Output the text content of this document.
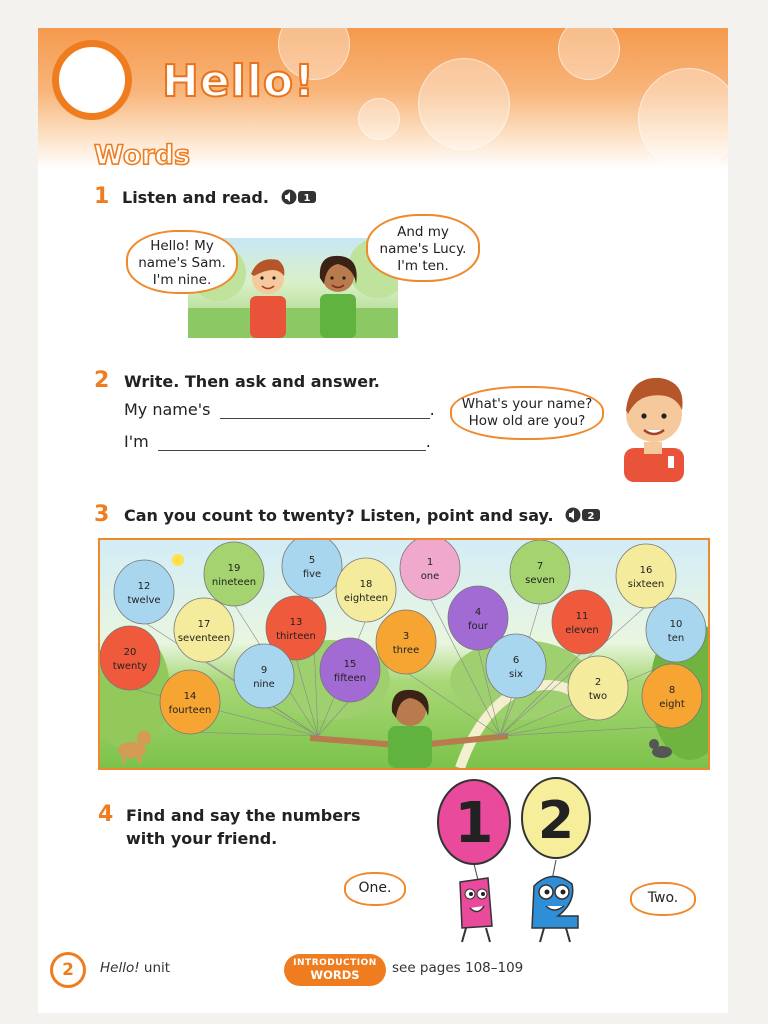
Hello!
Words
1 Listen and read.	1
Hello! My
name's Sam.
I'm nine.
And my
name's Lucy.
I'm ten.
2 Write. Then ask and answer.
My name's	.
I'm	.
What's your name?
How old are you?
3 Can you count to twenty? Listen, point and say.	2
12
twelve
19
nineteen
5
five
18
eighteen
1
one
7
seven
16
sixteen
17
seventeen
13
thirteen
4
four
11
eleven
10
ten
20
twenty
3
three
15
fifteen
9
nine
6
six
2
two
8
eight
14
fourteen
4 Find and say the numbers
with your friend.	1 2
One.
Two.
2	Hello! unit	INTRODUCTION
WORDS	see pages 108–109
